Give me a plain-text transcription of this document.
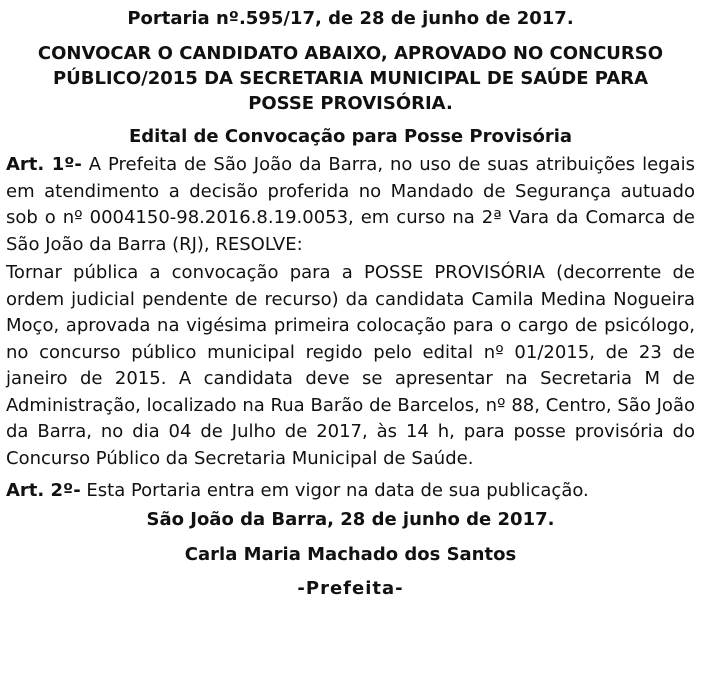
Portaria nº.595/17, de 28 de junho de 2017.
CONVOCAR O CANDIDATO ABAIXO, APROVADO NO CONCURSO
PÚBLICO/2015 DA SECRETARIA MUNICIPAL DE SAÚDE PARA
POSSE PROVISÓRIA.
Edital de Convocação para Posse Provisória

Art. 1º- A Prefeita de São João da Barra, no uso de suas atribuições legais em atendimento a decisão proferida no Mandado de Segurança autuado sob o nº 0004150-98.2016.8.19.0053, em curso na 2ª Vara da Comarca de São João da Barra (RJ), RESOLVE:

Tornar pública a convocação para a POSSE PROVISÓRIA (decorrente de ordem judicial pendente de recurso) da candidata Camila Medina Nogueira Moço, aprovada na vigésima primeira colocação para o cargo de psicólogo, no concurso público municipal regido pelo edital nº 01/2015, de 23 de janeiro de 2015. A candidata deve se apresentar na Secretaria M de Administração, localizado na Rua Barão de Barcelos, nº 88, Centro, São João da Barra, no dia 04 de Julho de 2017, às 14 h, para posse provisória do Concurso Público da Secretaria Municipal de Saúde.

Art. 2º- Esta Portaria entra em vigor na data de sua publicação.

São João da Barra, 28 de junho de 2017.
Carla Maria Machado dos Santos
-Prefeita-
